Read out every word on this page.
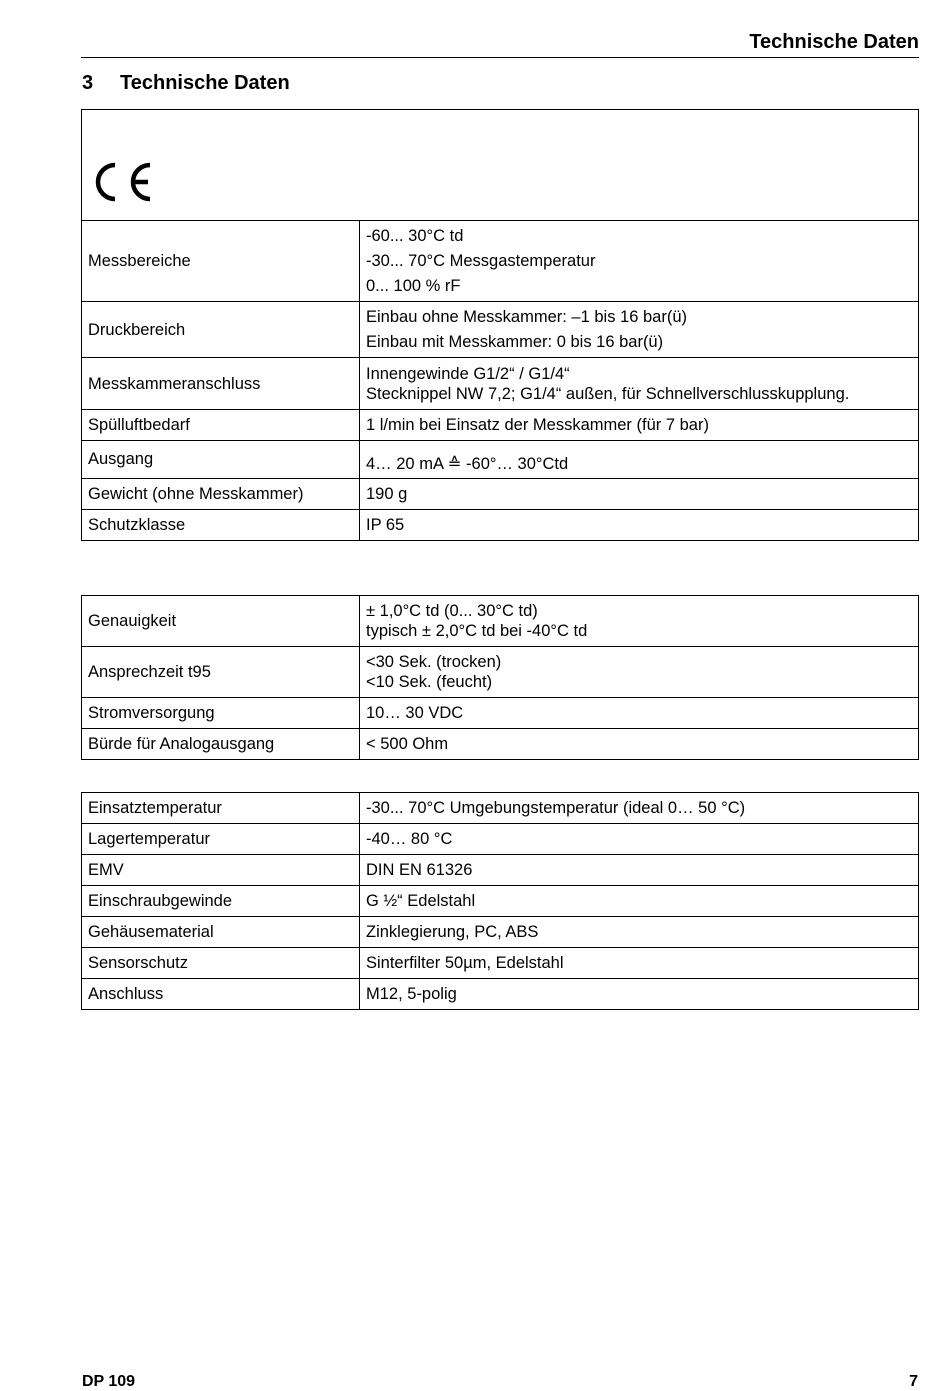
Technische Daten
3 Technische Daten

Messbereiche	-60... 30°C td
-30... 70°C Messgastemperatur
0... 100 % rF

Druckbereich	Einbau ohne Messkammer: –1 bis 16 bar(ü)
Einbau mit Messkammer: 0 bis 16 bar(ü)

Messkammeranschluss	Innengewinde G1/2“ / G1/4“
Stecknippel NW 7,2; G1/4“ außen, für Schnellverschlusskupplung.

Spülluftbedarf	1 l/min bei Einsatz der Messkammer (für 7 bar)
Ausgang	4… 20 mA ≙ -60°… 30°Ctd
Gewicht (ohne Messkammer)	190 g
Schutzklasse	IP 65
Genauigkeit	± 1,0°C td (0... 30°C td)
typisch ± 2,0°C td bei -40°C td

Ansprechzeit t95	<30 Sek. (trocken)
<10 Sek. (feucht)

Stromversorgung	10… 30 VDC
Bürde für Analogausgang	< 500 Ohm
Einsatztemperatur	-30... 70°C Umgebungstemperatur (ideal 0… 50 °C)
Lagertemperatur	-40… 80 °C
EMV	DIN EN 61326
Einschraubgewinde	G ½“ Edelstahl
Gehäusematerial	Zinklegierung, PC, ABS
Sensorschutz	Sinterfilter 50µm, Edelstahl
Anschluss	M12, 5-polig
DP 109	7
